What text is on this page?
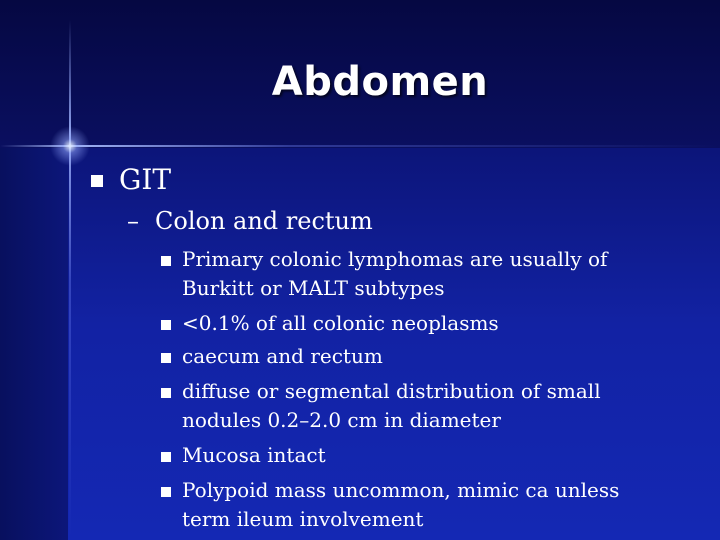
Abdomen
GIT
– Colon and rectum
Primary colonic lymphomas are usually of
Burkitt or MALT subtypes
<0.1% of all colonic neoplasms
caecum and rectum
diffuse or segmental distribution of small
nodules 0.2–2.0 cm in diameter
Mucosa intact
Polypoid mass uncommon, mimic ca unless
term ileum involvement
